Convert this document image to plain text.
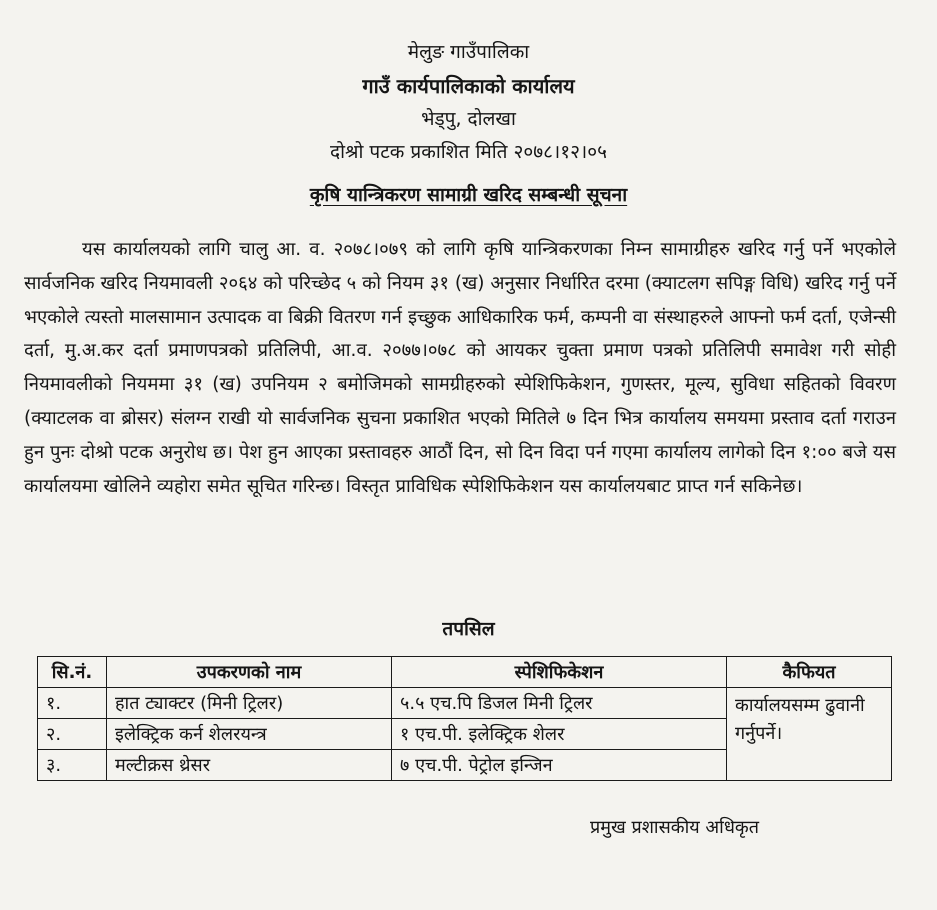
मेलुङ गाउँपालिका
गाउँ कार्यपालिकाको कार्यालय
भेड्पु, दोलखा
दोश्रो पटक प्रकाशित मिति २०७८।१२।०५
कृषि यान्त्रिकरण सामाग्री खरिद सम्बन्धी सूचना

यस कार्यालयको लागि चालु आ. व. २०७८।०७९ को लागि कृषि यान्त्रिकरणका निम्न सामाग्रीहरु खरिद गर्नु पर्ने भएकोले सार्वजनिक खरिद नियमावली २०६४ को परिच्छेद ५ को नियम ३१ (ख) अनुसार निर्धारित दरमा (क्याटलग सपिङ्ग विधि) खरिद गर्नु पर्ने भएकोले त्यस्तो मालसामान उत्पादक वा बिक्री वितरण गर्न इच्छुक आधिकारिक फर्म, कम्पनी वा संस्थाहरुले आफ्नो फर्म दर्ता, एजेन्सी दर्ता, मु.अ.कर दर्ता प्रमाणपत्रको प्रतिलिपी, आ.व. २०७७।०७८ को आयकर चुक्ता प्रमाण पत्रको प्रतिलिपी समावेश गरी सोही नियमावलीको नियममा ३१ (ख) उपनियम २ बमोजिमको सामग्रीहरुको स्पेशिफिकेशन, गुणस्तर, मूल्य, सुविधा सहितको विवरण (क्याटलक वा ब्रोसर) संलग्न राखी यो सार्वजनिक सुचना प्रकाशित भएको मितिले ७ दिन भित्र कार्यालय समयमा प्रस्ताव दर्ता गराउन हुन पुनः दोश्रो पटक अनुरोध छ। पेश हुन आएका प्रस्तावहरु आठौं दिन, सो दिन विदा पर्न गएमा कार्यालय लागेको दिन १:०० बजे यस कार्यालयमा खोलिने व्यहोरा समेत सूचित गरिन्छ। विस्तृत प्राविधिक स्पेशिफिकेशन यस कार्यालयबाट प्राप्त गर्न सकिनेछ।

तपसिल
सि.नं.	उपकरणको नाम	स्पेशिफिकेशन	कैफियत
१.	हात ट्याक्टर (मिनी ट्रिलर)	५.५ एच.पि डिजल मिनी ट्रिलर	कार्यालयसम्म ढुवानी गर्नुपर्ने।
२.	इलेक्ट्रिक कर्न शेलरयन्त्र	१ एच.पी. इलेक्ट्रिक शेलर	
३.	मल्टीक्रस थ्रेसर	७ एच.पी. पेट्रोल इन्जिन	
प्रमुख प्रशासकीय अधिकृत
